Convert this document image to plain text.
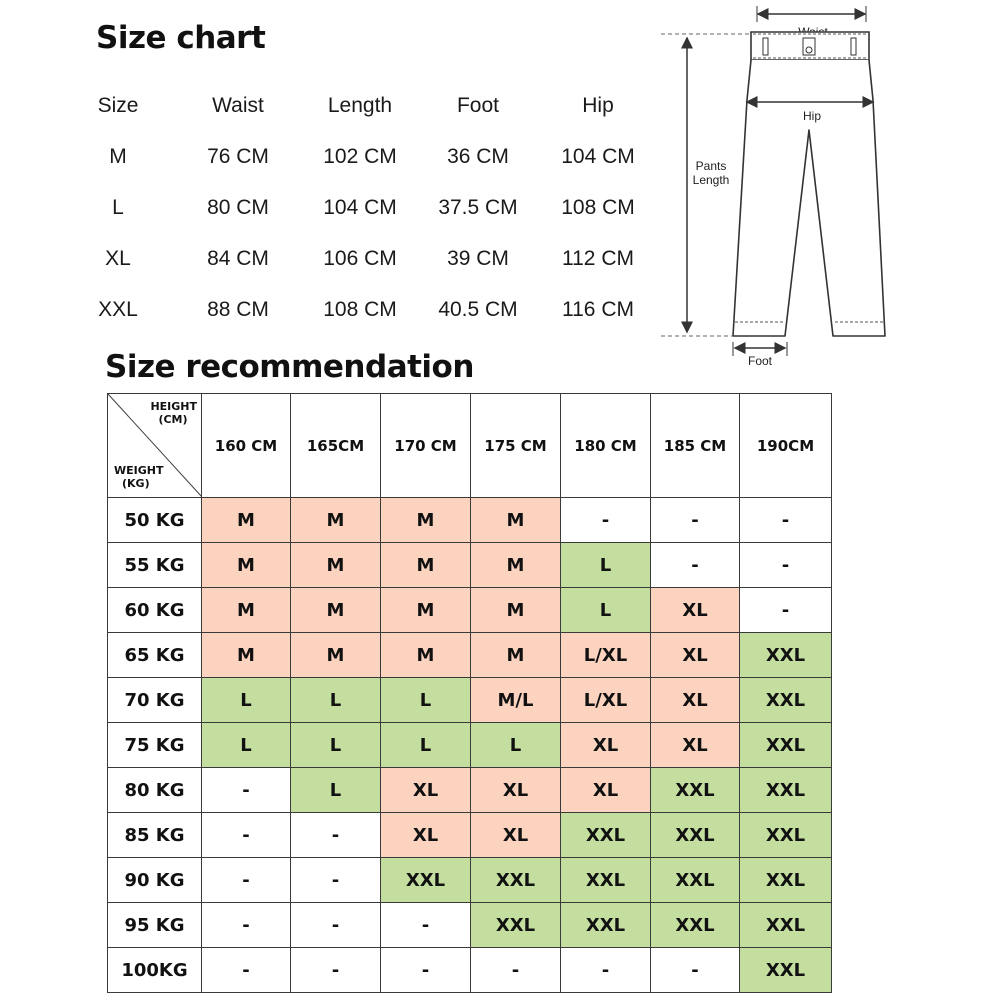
Size chart
Size	Waist	Length	Foot	Hip
M	76 CM	102 CM	36 CM	104 CM
L	80 CM	104 CM	37.5 CM	108 CM
XL	84 CM	106 CM	39 CM	112 CM
XXL	88 CM	108 CM	40.5 CM	116 CM
Hip
Pants
Length
Foot
Size recommendation
HEIGHT
(CM)
WEIGHT
(KG)	160 CM	165CM	170 CM	175 CM	180 CM	185 CM	190CM
50 KG	M	M	M	M	-	-	-
55 KG	M	M	M	M	L	-	-
60 KG	M	M	M	M	L	XL	-
65 KG	M	M	M	M	L/XL	XL	XXL
70 KG	L	L	L	M/L	L/XL	XL	XXL
75 KG	L	L	L	L	XL	XL	XXL
80 KG	-	L	XL	XL	XL	XXL	XXL
85 KG	-	-	XL	XL	XXL	XXL	XXL
90 KG	-	-	XXL	XXL	XXL	XXL	XXL
95 KG	-	-	-	XXL	XXL	XXL	XXL
100KG	-	-	-	-	-	-	XXL
